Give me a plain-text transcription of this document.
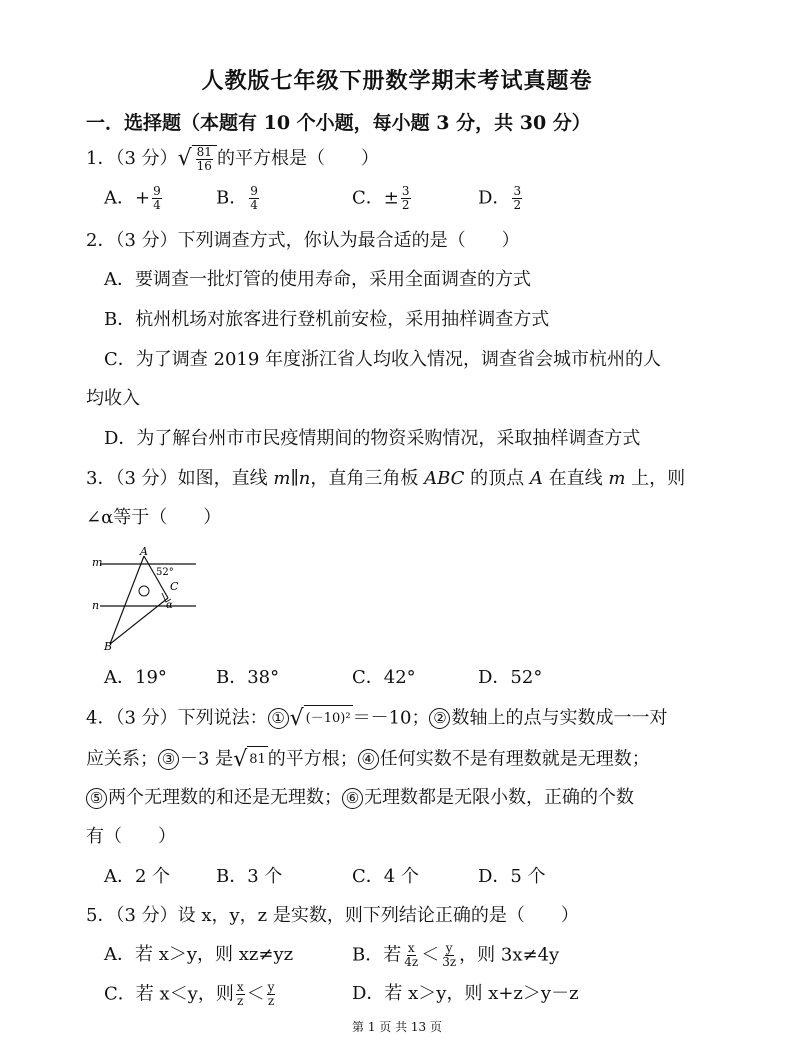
人教版七年级下册数学期末考试真题卷
一．选择题（本题有 10 个小题，每小题 3 分，共 30 分）
1．（3 分） √ $\frac{81}{16}$ 的平方根是（　　）
A．+ $\frac{9}{4}$	B． $\frac{9}{4}$	C．± $\frac{3}{2}$	D． $\frac{3}{2}$
2．（3 分）下列调查方式，你认为最合适的是（　　）
A．要调查一批灯管的使用寿命，采用全面调查的方式
B．杭州机场对旅客进行登机前安检，采用抽样调查方式
C．为了调查 2019 年度浙江省人均收入情况，调查省会城市杭州的人
均收入
D．为了解台州市市民疫情期间的物资采购情况，采取抽样调查方式
3．（3 分）如图，直线 m∥n，直角三角板 ABC 的顶点 A 在直线 m 上，则
∠α等于（　　）
m
n
A
B
C
52°
α
A．19°	B．38°	C．42°	D．52°
4．（3 分）下列说法： ① √ (－10)² ＝－10； ② 数轴上的点与实数成一一对
应关系； ③ －3 是 √ 81 的平方根； ④ 任何实数不是有理数就是无理数；
⑤ 两个无理数的和还是无理数； ⑥ 无理数都是无限小数，正确的个数
有（　　）
A．2 个	B．3 个	C．4 个	D．5 个
5．（3 分）设 x，y，z 是实数，则下列结论正确的是（　　）
A．若 x＞y，则 xz≠yz	B．若 $\frac{x}{4z} < \frac{y}{3z}$ ，则 3x≠4y
C．若 x＜y，则 $\frac{x}{z} < \frac{y}{z}$	D．若 x＞y，则 x+z＞y－z
第 1 页 共 13 页
